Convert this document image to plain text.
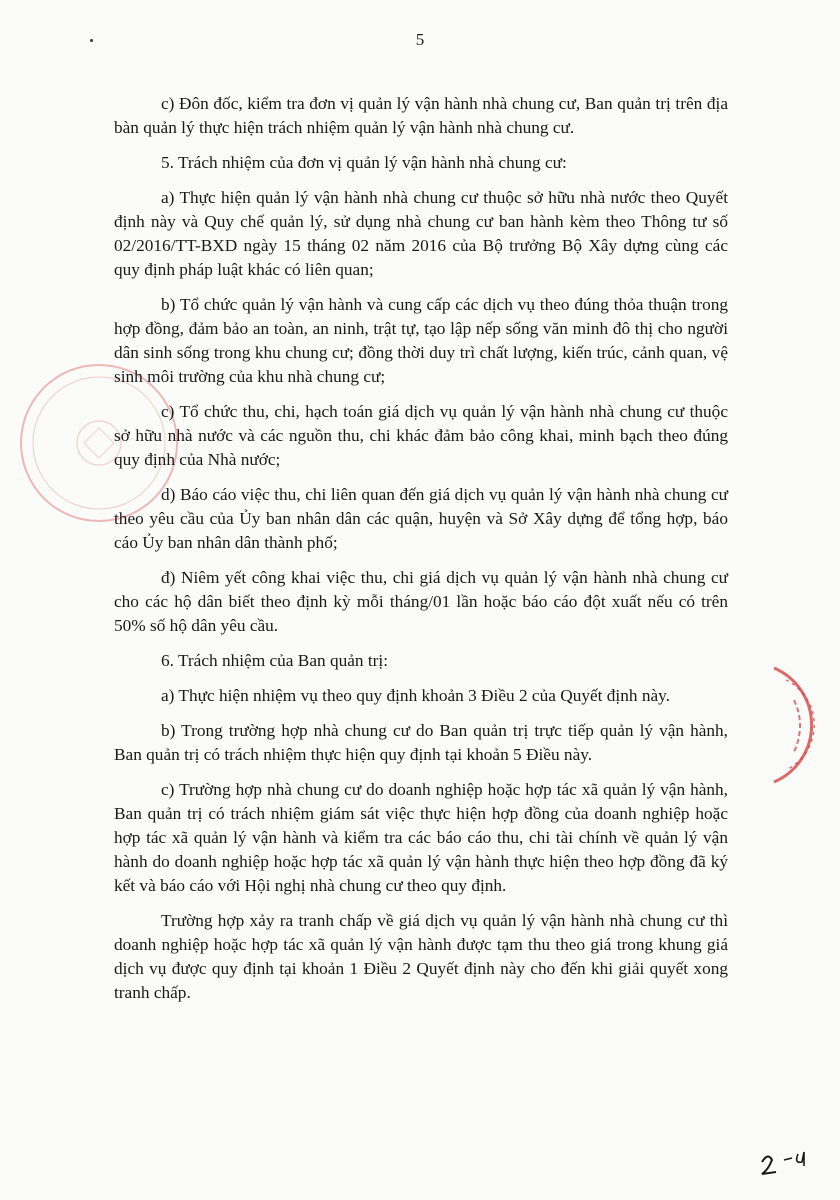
5

c) Đôn đốc, kiểm tra đơn vị quản lý vận hành nhà chung cư, Ban quản trị trên địa bàn quản lý thực hiện trách nhiệm quản lý vận hành nhà chung cư.

5. Trách nhiệm của đơn vị quản lý vận hành nhà chung cư:

a) Thực hiện quản lý vận hành nhà chung cư thuộc sở hữu nhà nước theo Quyết định này và Quy chế quản lý, sử dụng nhà chung cư ban hành kèm theo Thông tư số 02/2016/TT-BXD ngày 15 tháng 02 năm 2016 của Bộ trưởng Bộ Xây dựng cùng các quy định pháp luật khác có liên quan;

b) Tổ chức quản lý vận hành và cung cấp các dịch vụ theo đúng thỏa thuận trong hợp đồng, đảm bảo an toàn, an ninh, trật tự, tạo lập nếp sống văn minh đô thị cho người dân sinh sống trong khu chung cư; đồng thời duy trì chất lượng, kiến trúc, cảnh quan, vệ sinh môi trường của khu nhà chung cư;

c) Tổ chức thu, chi, hạch toán giá dịch vụ quản lý vận hành nhà chung cư thuộc sở hữu nhà nước và các nguồn thu, chi khác đảm bảo công khai, minh bạch theo đúng quy định của Nhà nước;

d) Báo cáo việc thu, chi liên quan đến giá dịch vụ quản lý vận hành nhà chung cư theo yêu cầu của Ủy ban nhân dân các quận, huyện và Sở Xây dựng để tổng hợp, báo cáo Ủy ban nhân dân thành phố;

đ) Niêm yết công khai việc thu, chi giá dịch vụ quản lý vận hành nhà chung cư cho các hộ dân biết theo định kỳ mỗi tháng/01 lần hoặc báo cáo đột xuất nếu có trên 50% số hộ dân yêu cầu.

6. Trách nhiệm của Ban quản trị:

a) Thực hiện nhiệm vụ theo quy định khoản 3 Điều 2 của Quyết định này.

b) Trong trường hợp nhà chung cư do Ban quản trị trực tiếp quản lý vận hành, Ban quản trị có trách nhiệm thực hiện quy định tại khoản 5 Điều này.

c) Trường hợp nhà chung cư do doanh nghiệp hoặc hợp tác xã quản lý vận hành, Ban quản trị có trách nhiệm giám sát việc thực hiện hợp đồng của doanh nghiệp hoặc hợp tác xã quản lý vận hành và kiểm tra các báo cáo thu, chi tài chính về quản lý vận hành do doanh nghiệp hoặc hợp tác xã quản lý vận hành thực hiện theo hợp đồng đã ký kết và báo cáo với Hội nghị nhà chung cư theo quy định.

Trường hợp xảy ra tranh chấp về giá dịch vụ quản lý vận hành nhà chung cư thì doanh nghiệp hoặc hợp tác xã quản lý vận hành được tạm thu theo giá trong khung giá dịch vụ được quy định tại khoản 1 Điều 2 Quyết định này cho đến khi giải quyết xong tranh chấp.
